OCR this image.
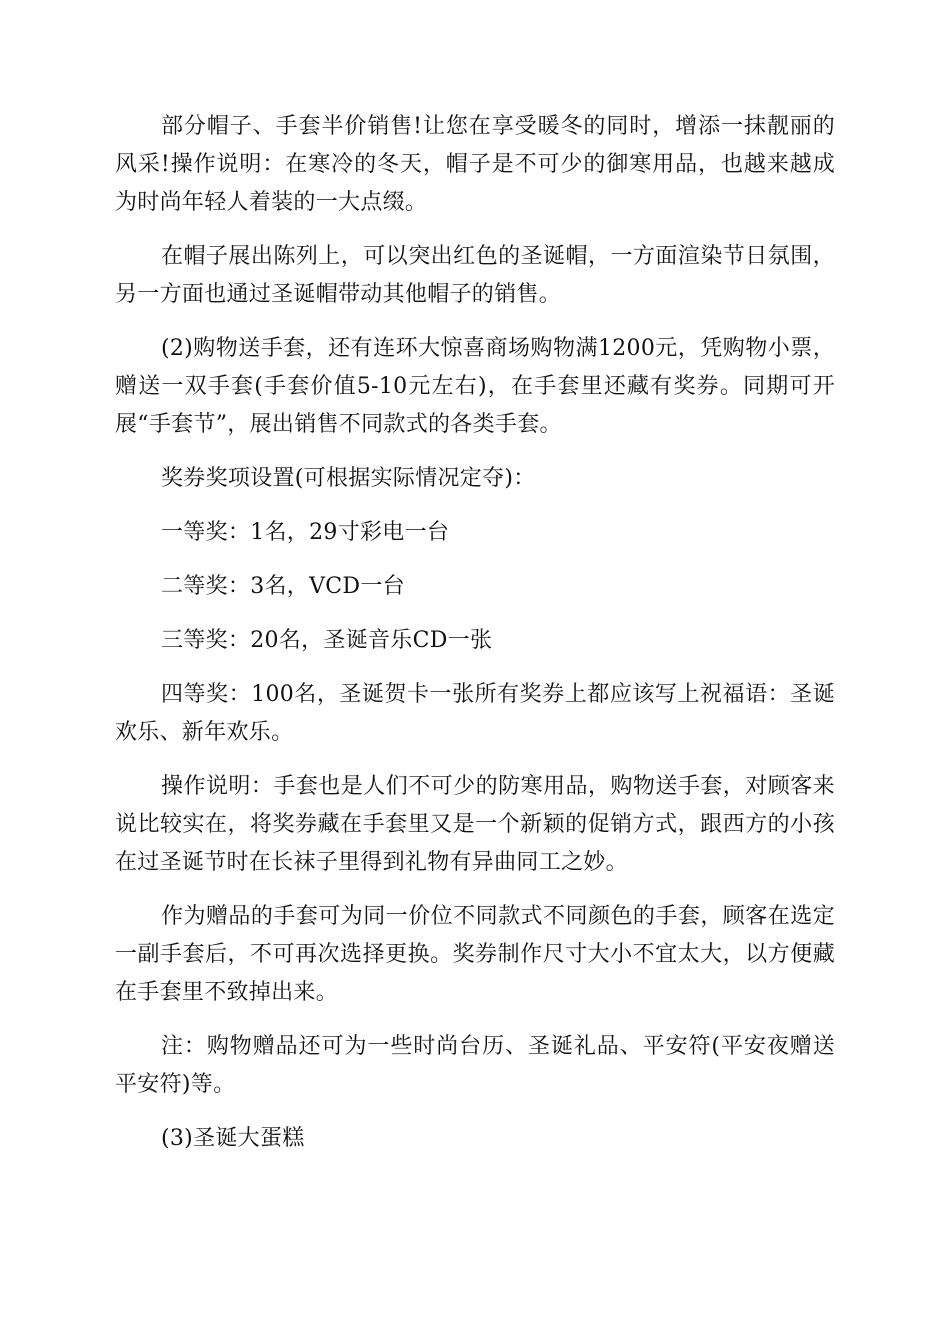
部分帽子、手套半价销售!让您在享受暖冬的同时，增添一抹靓丽的风采!操作说明：在寒冷的冬天，帽子是不可少的御寒用品，也越来越成为时尚年轻人着装的一大点缀。

在帽子展出陈列上，可以突出红色的圣诞帽，一方面渲染节日氛围，另一方面也通过圣诞帽带动其他帽子的销售。

(2)购物送手套，还有连环大惊喜商场购物满1200元，凭购物小票，赠送一双手套(手套价值5-10元左右)，在手套里还藏有奖券。同期可开展“手套节”，展出销售不同款式的各类手套。

奖券奖项设置(可根据实际情况定夺)：

一等奖：1名，29寸彩电一台

二等奖：3名，VCD一台

三等奖：20名，圣诞音乐CD一张

四等奖：100名，圣诞贺卡一张所有奖券上都应该写上祝福语：圣诞欢乐、新年欢乐。

操作说明：手套也是人们不可少的防寒用品，购物送手套，对顾客来说比较实在，将奖券藏在手套里又是一个新颖的促销方式，跟西方的小孩在过圣诞节时在长袜子里得到礼物有异曲同工之妙。

作为赠品的手套可为同一价位不同款式不同颜色的手套，顾客在选定一副手套后，不可再次选择更换。奖券制作尺寸大小不宜太大，以方便藏在手套里不致掉出来。

注：购物赠品还可为一些时尚台历、圣诞礼品、平安符(平安夜赠送平安符)等。

(3)圣诞大蛋糕
